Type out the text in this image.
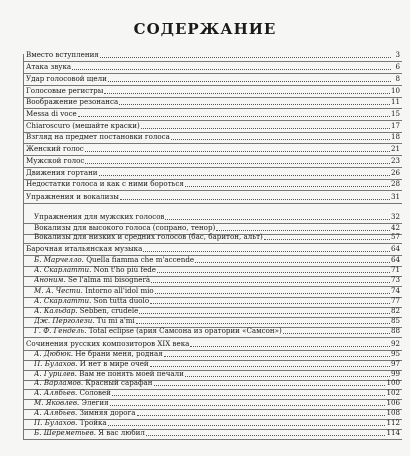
СОДЕРЖАНИЕ
Вместо вступления	3
Атака звука	6
Удар голосовой щели	8
Голосовые регистры	10
Воображение резонанса	11
Messa di voce	15
Chiaroscuro (мешайте краски)	17
Взгляд на предмет постановки голоса	18
Женский голос	21
Мужской голос	23
Движения гортани	26
Недостатки голоса и как с ними бороться	28
Упражнения и вокализы	31
Упражнения для мужских голосов	32
Вокализы для высокого голоса (сопрано, тенор)	42
Вокализы для низких и средних голосов (бас, баритон, альт)	57
Барочная итальянская музыка	64
Б. Марчелло. Quella fiamma che m'accende	64
А. Скарлатти. Non t'ho più fede	71
Аноним. Se l'alma mi bisognerà	73
М. А. Чести. Intorno all'idol mio	74
А. Скарлатти. Son tutta duolo	77
А. Кальдар. Sebben, crudele	82
Дж. Перголези. Tu mi a'mi	85
Г. Ф. Гендель. Total eclipse (ария Самсона из оратории «Самсон»)	88
Сочинения русских композиторов XIX века	92
А. Дюбюк. Не брани меня, родная	95
П. Булахов. И нет в мире очей	97
А. Гурилев. Вам не понять моей печали	99
А. Варламов. Красный сарафан	100
А. Алябьев. Соловей	102
М. Яковлев. Элегия	106
А. Алябьев. Зимняя дорога	108
П. Булахов. Тройка	112
Б. Шереметьев. Я вас любил	114
